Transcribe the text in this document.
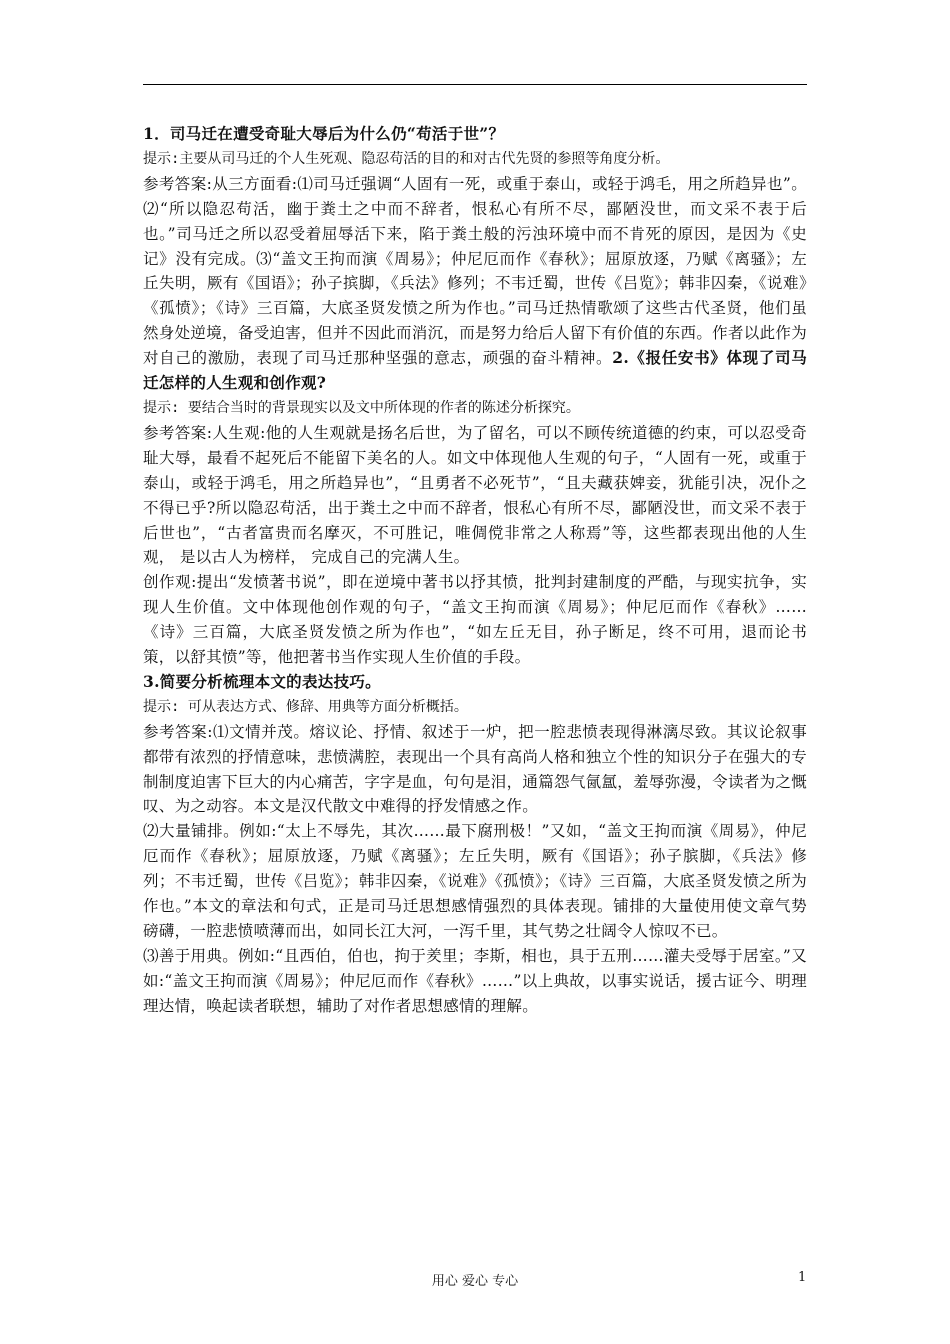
1．司马迁在遭受奇耻大辱后为什么仍“苟活于世”？

提示:主要从司马迁的个人生死观、隐忍苟活的目的和对古代先贤的参照等角度分析。

参考答案:从三方面看:⑴司马迁强调“人固有一死，或重于泰山，或轻于鸿毛，用之所趋异也”。⑵“所以隐忍苟活，幽于粪土之中而不辞者，恨私心有所不尽，鄙陋没世，而文采不表于后也。”司马迁之所以忍受着屈辱活下来，陷于粪土般的污浊环境中而不肯死的原因，是因为《史记》没有完成。⑶“盖文王拘而演《周易》；仲尼厄而作《春秋》；屈原放逐，乃赋《离骚》；左丘失明，厥有《国语》；孙子摈脚，《兵法》修列；不韦迁蜀，世传《吕览》；韩非囚秦，《说难》《孤愤》；《诗》三百篇，大底圣贤发愤之所为作也。”司马迁热情歌颂了这些古代圣贤，他们虽然身处逆境，备受迫害，但并不因此而消沉，而是努力给后人留下有价值的东西。作者以此作为对自己的激励，表现了司马迁那种坚强的意志，顽强的奋斗精神。2.《报任安书》体现了司马迁怎样的人生观和创作观?

提示: 要结合当时的背景现实以及文中所体现的作者的陈述分析探究。

参考答案:人生观:他的人生观就是扬名后世，为了留名，可以不顾传统道德的约束，可以忍受奇耻大辱，最看不起死后不能留下美名的人。如文中体现他人生观的句子，“人固有一死，或重于泰山，或轻于鸿毛，用之所趋异也”，“且勇者不必死节”，“且夫藏获婢妾，犹能引决，况仆之不得已乎?所以隐忍苟活，出于粪土之中而不辞者，恨私心有所不尽，鄙陋没世，而文采不表于后世也”，“古者富贵而名摩灭，不可胜记，唯倜傥非常之人称焉”等，这些都表现出他的人生观， 是以古人为榜样， 完成自己的完满人生。

创作观:提出“发愤著书说”，即在逆境中著书以抒其愤，批判封建制度的严酷，与现实抗争，实现人生价值。文中体现他创作观的句子，“盖文王拘而演《周易》；仲尼厄而作《春秋》……《诗》三百篇，大底圣贤发愤之所为作也”，“如左丘无目，孙子断足，终不可用，退而论书策，以舒其愤”等，他把著书当作实现人生价值的手段。

3.简要分析梳理本文的表达技巧。

提示: 可从表达方式、修辞、用典等方面分析概括。

参考答案:⑴文情并茂。熔议论、抒情、叙述于一炉，把一腔悲愤表现得淋漓尽致。其议论叙事都带有浓烈的抒情意味，悲愤满腔，表现出一个具有高尚人格和独立个性的知识分子在强大的专制制度迫害下巨大的内心痛苦，字字是血，句句是泪，通篇怨气氤氲，羞辱弥漫，令读者为之慨叹、为之动容。本文是汉代散文中难得的抒发情感之作。

⑵大量铺排。例如:“太上不辱先，其次……最下腐刑极！”又如，“盖文王拘而演《周易》，仲尼厄而作《春秋》；屈原放逐，乃赋《离骚》；左丘失明，厥有《国语》；孙子膑脚，《兵法》修列；不韦迁蜀，世传《吕览》；韩非囚秦，《说难》《孤愤》；《诗》三百篇，大底圣贤发愤之所为作也。”本文的章法和句式，正是司马迁思想感情强烈的具体表现。铺排的大量使用使文章气势磅礴，一腔悲愤喷薄而出，如同长江大河，一泻千里，其气势之壮阔令人惊叹不已。

⑶善于用典。例如:“且西伯，伯也，拘于羑里；李斯，相也，具于五刑……灌夫受辱于居室。”又如:“盖文王拘而演《周易》；仲尼厄而作《春秋》……”以上典故，以事实说话，援古证今、明理理达情，唤起读者联想，辅助了对作者思想感情的理解。

用心 爱心 专心	1
